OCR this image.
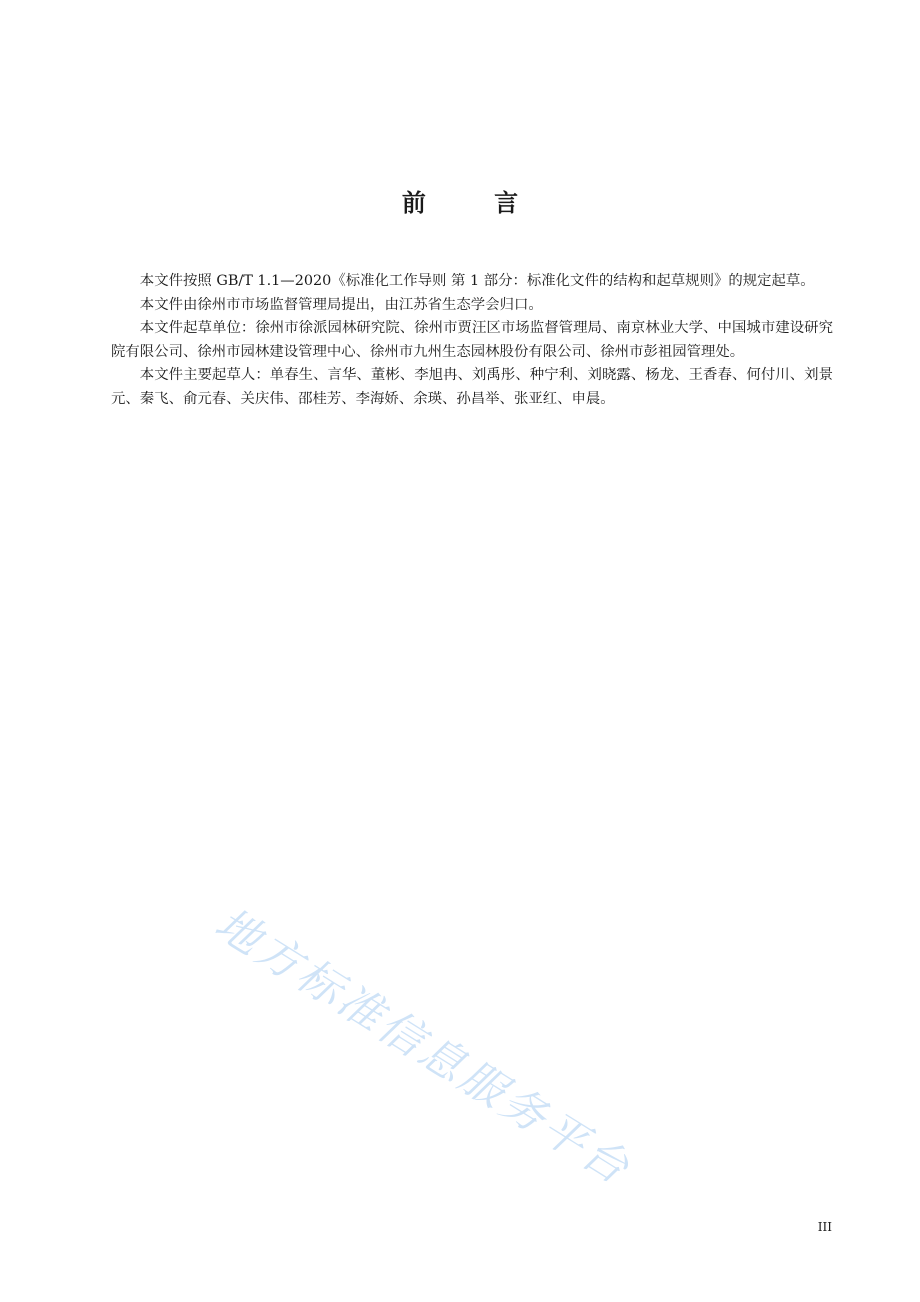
前 言

本文件按照 GB/T 1.1—2020《标准化工作导则 第 1 部分：标准化文件的结构和起草规则》的规定起草。

本文件由徐州市市场监督管理局提出，由江苏省生态学会归口。

本文件起草单位：徐州市徐派园林研究院、徐州市贾汪区市场监督管理局、南京林业大学、中国城市建设研究院有限公司、徐州市园林建设管理中心、徐州市九州生态园林股份有限公司、徐州市彭祖园管理处。

本文件主要起草人：单春生、言华、董彬、李旭冉、刘禹彤、种宁利、刘晓露、杨龙、王香春、何付川、刘景元、秦飞、俞元春、关庆伟、邵桂芳、李海娇、余瑛、孙昌举、张亚红、申晨。

地方标准信息服务平台
III
